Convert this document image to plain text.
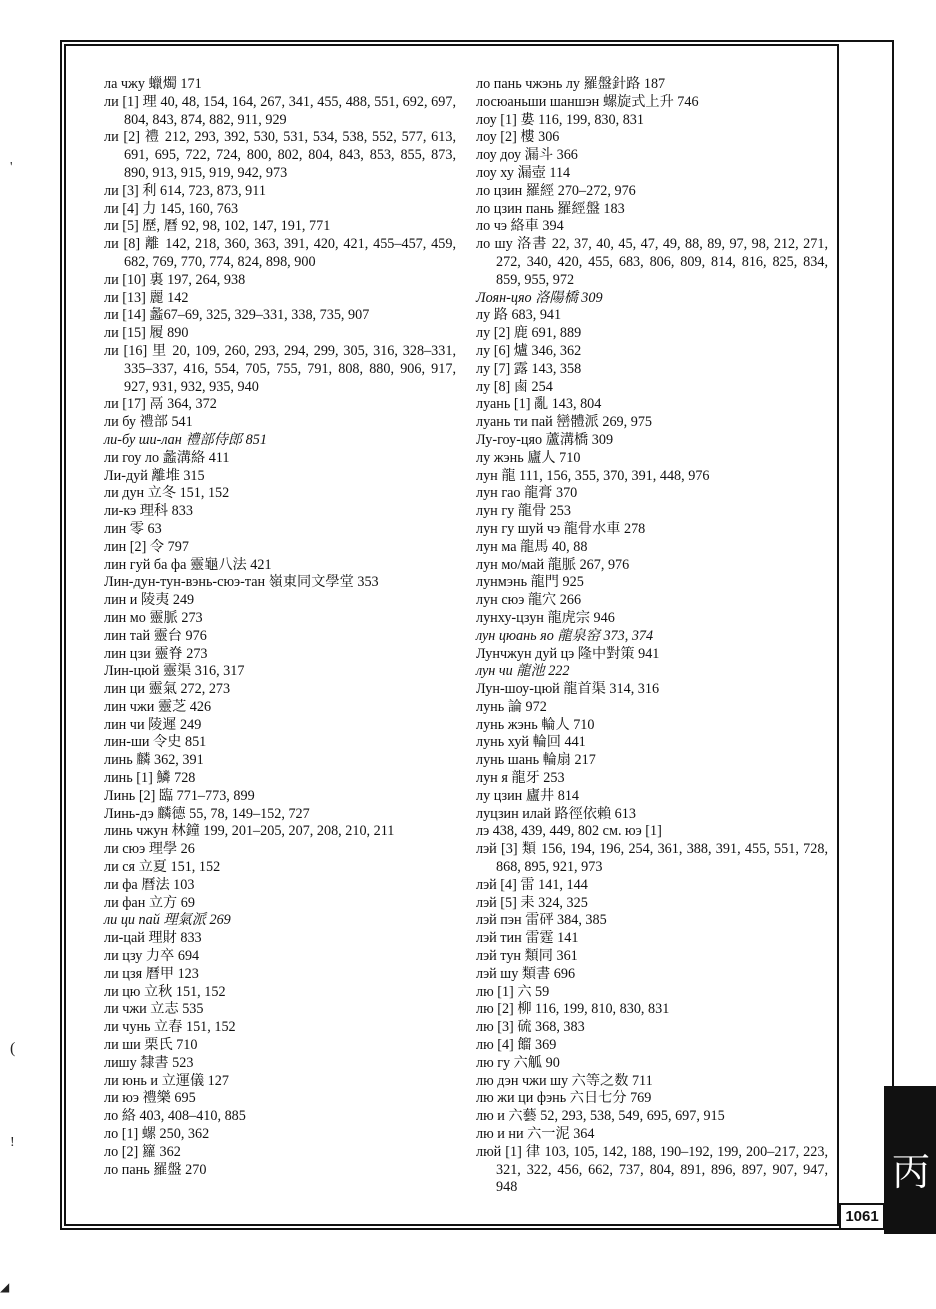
'
(
!
◢
ла чжу 蠟燭 171
ли [1] 理 40, 48, 154, 164, 267, 341, 455, 488, 551, 692, 697, 804, 843, 874, 882, 911, 929
ли [2] 禮 212, 293, 392, 530, 531, 534, 538, 552, 577, 613, 691, 695, 722, 724, 800, 802, 804, 843, 853, 855, 873, 890, 913, 915, 919, 942, 973
ли [3] 利 614, 723, 873, 911
ли [4] 力 145, 160, 763
ли [5] 歷, 曆 92, 98, 102, 147, 191, 771
ли [8] 離 142, 218, 360, 363, 391, 420, 421, 455–457, 459, 682, 769, 770, 774, 824, 898, 900
ли [10] 裏 197, 264, 938
ли [13] 麗 142
ли [14] 蠡67–69, 325, 329–331, 338, 735, 907
ли [15] 履 890
ли [16] 里 20, 109, 260, 293, 294, 299, 305, 316, 328–331, 335–337, 416, 554, 705, 755, 791, 808, 880, 906, 917, 927, 931, 932, 935, 940
ли [17] 鬲 364, 372
ли бу 禮部 541
ли-бу ши-лан 禮部侍郎 851
ли гоу ло 蠡溝絡 411
Ли-дуй 離堆 315
ли дун 立冬 151, 152
ли-кэ 理科 833
лин 零 63
лин [2] 令 797
лин гуй ба фа 靈龜八法 421
Лин-дун-тун-вэнь-сюэ-тан 嶺東同文學堂 353
лин и 陵夷 249
лин мо 靈脈 273
лин тай 靈台 976
лин цзи 靈脊 273
Лин-цюй 靈渠 316, 317
лин ци 靈氣 272, 273
лин чжи 靈芝 426
лин чи 陵遲 249
лин-ши 令史 851
линь 麟 362, 391
линь [1] 鱗 728
Линь [2] 臨 771–773, 899
Линь-дэ 麟德 55, 78, 149–152, 727
линь чжун 林鐘 199, 201–205, 207, 208, 210, 211
ли сюэ 理學 26
ли ся 立夏 151, 152
ли фа 曆法 103
ли фан 立方 69
ли ци пай 理氣派 269
ли-цай 理財 833
ли цзу 力卒 694
ли цзя 曆甲 123
ли цю 立秋 151, 152
ли чжи 立志 535
ли чунь 立春 151, 152
ли ши 栗氏 710
лишу 隸書 523
ли юнь и 立運儀 127
ли юэ 禮樂 695
ло 絡 403, 408–410, 885
ло [1] 螺 250, 362
ло [2] 籮 362
ло пань 羅盤 270
ло пань чжэнь лу 羅盤針路 187
лосюаньши шаншэн 螺旋式上升 746
лоу [1] 婁 116, 199, 830, 831
лоу [2] 樓 306
лоу доу 漏斗 366
лоу ху 漏壺 114
ло цзин 羅經 270–272, 976
ло цзин пань 羅經盤 183
ло чэ 絡車 394
ло шу 洛書 22, 37, 40, 45, 47, 49, 88, 89, 97, 98, 212, 271, 272, 340, 420, 455, 683, 806, 809, 814, 816, 825, 834, 859, 955, 972
Лоян-цяо 洛陽橋 309
лу 路 683, 941
лу [2] 鹿 691, 889
лу [6] 爐 346, 362
лу [7] 露 143, 358
лу [8] 鹵 254
луань [1] 亂 143, 804
луань ти пай 巒體派 269, 975
Лу-гоу-цяо 蘆溝橋 309
лу жэнь 廬人 710
лун 龍 111, 156, 355, 370, 391, 448, 976
лун гао 龍膏 370
лун гу 龍骨 253
лун гу шуй чэ 龍骨水車 278
лун ма 龍馬 40, 88
лун мо/май 龍脈 267, 976
лунмэнь 龍門 925
лун сюэ 龍穴 266
лунху-цзун 龍虎宗 946
лун цюань яо 龍泉窑 373, 374
Лунчжун дуй цэ 隆中對策 941
лун чи 龍池 222
Лун-шоу-цюй 龍首渠 314, 316
лунь 論 972
лунь жэнь 輪人 710
лунь хуй 輪回 441
лунь шань 輪扇 217
лун я 龍牙 253
лу цзин 廬井 814
луцзин илай 路徑依賴 613
лэ 438, 439, 449, 802 см. юэ [1]
лэй [3] 類 156, 194, 196, 254, 361, 388, 391, 455, 551, 728, 868, 895, 921, 973
лэй [4] 雷 141, 144
лэй [5] 耒 324, 325
лэй пэн 雷砰 384, 385
лэй тин 雷霆 141
лэй тун 類同 361
лэй шу 類書 696
лю [1] 六 59
лю [2] 柳 116, 199, 810, 830, 831
лю [3] 硫 368, 383
лю [4] 餾 369
лю гу 六觚 90
лю дэн чжи шу 六等之数 711
лю жи ци фэнь 六日七分 769
лю и 六藝 52, 293, 538, 549, 695, 697, 915
лю и ни 六一泥 364
люй [1] 律 103, 105, 142, 188, 190–192, 199, 200–217, 223, 321, 322, 456, 662, 737, 804, 891, 896, 897, 907, 947, 948	丙
1061
